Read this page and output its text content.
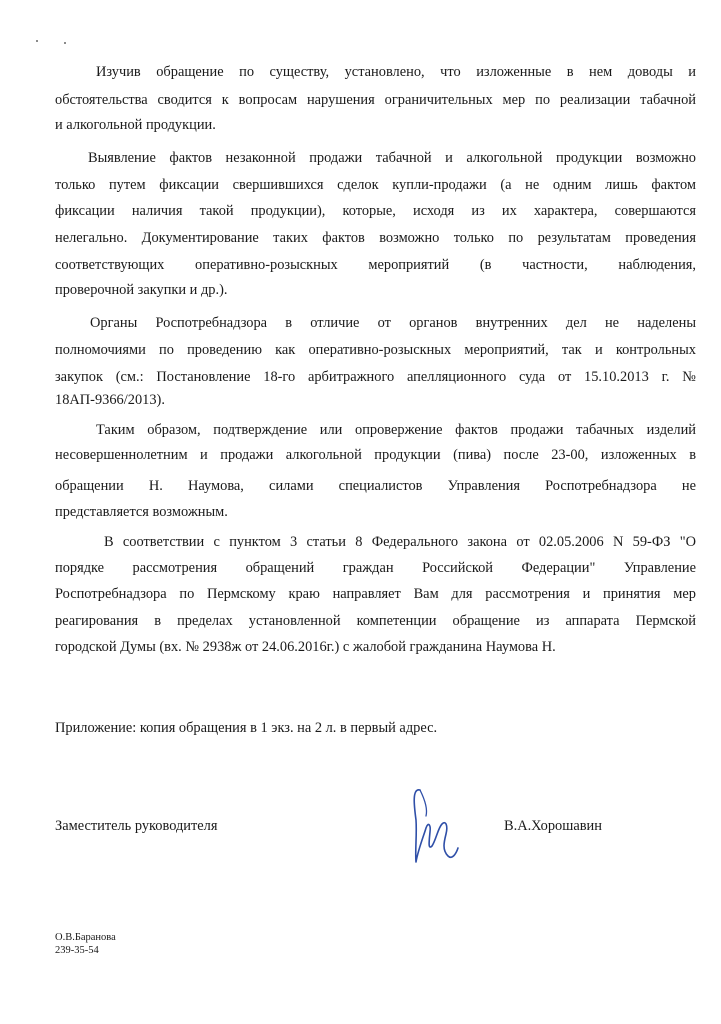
Изучив обращение по существу, установлено, что изложенные в нем доводы и
обстоятельства сводится к вопросам нарушения ограничительных мер по реализации табачной
и алкогольной продукции.
Выявление фактов незаконной продажи табачной и алкогольной продукции возможно
только путем фиксации свершившихся сделок купли-продажи (а не одним лишь фактом
фиксации наличия такой продукции), которые, исходя из их характера, совершаются
нелегально. Документирование таких фактов возможно только по результатам проведения
соответствующих оперативно-розыскных мероприятий (в частности, наблюдения,
проверочной закупки и др.).
Органы Роспотребнадзора в отличие от органов внутренних дел не наделены
полномочиями по проведению как оперативно-розыскных мероприятий, так и контрольных
закупок (см.: Постановление 18-го арбитражного апелляционного суда от 15.10.2013 г. №
18АП-9366/2013).
Таким образом, подтверждение или опровержение фактов продажи табачных изделий
несовершеннолетним и продажи алкогольной продукции (пива) после 23-00, изложенных в
обращении Н. Наумова, силами специалистов Управления Роспотребнадзора не
представляется возможным.
В соответствии с пунктом 3 статьи 8 Федерального закона от 02.05.2006 N 59-ФЗ "О
порядке рассмотрения обращений граждан Российской Федерации" Управление
Роспотребнадзора по Пермскому краю направляет Вам для рассмотрения и принятия мер
реагирования в пределах установленной компетенции обращение из аппарата Пермской
городской Думы (вх. № 2938ж от 24.06.2016г.) с жалобой гражданина Наумова Н.
Приложение: копия обращения в 1 экз. на 2 л. в первый адрес.
Заместитель руководителя	В.А.Хорошавин
О.В.Баранова
239-35-54
